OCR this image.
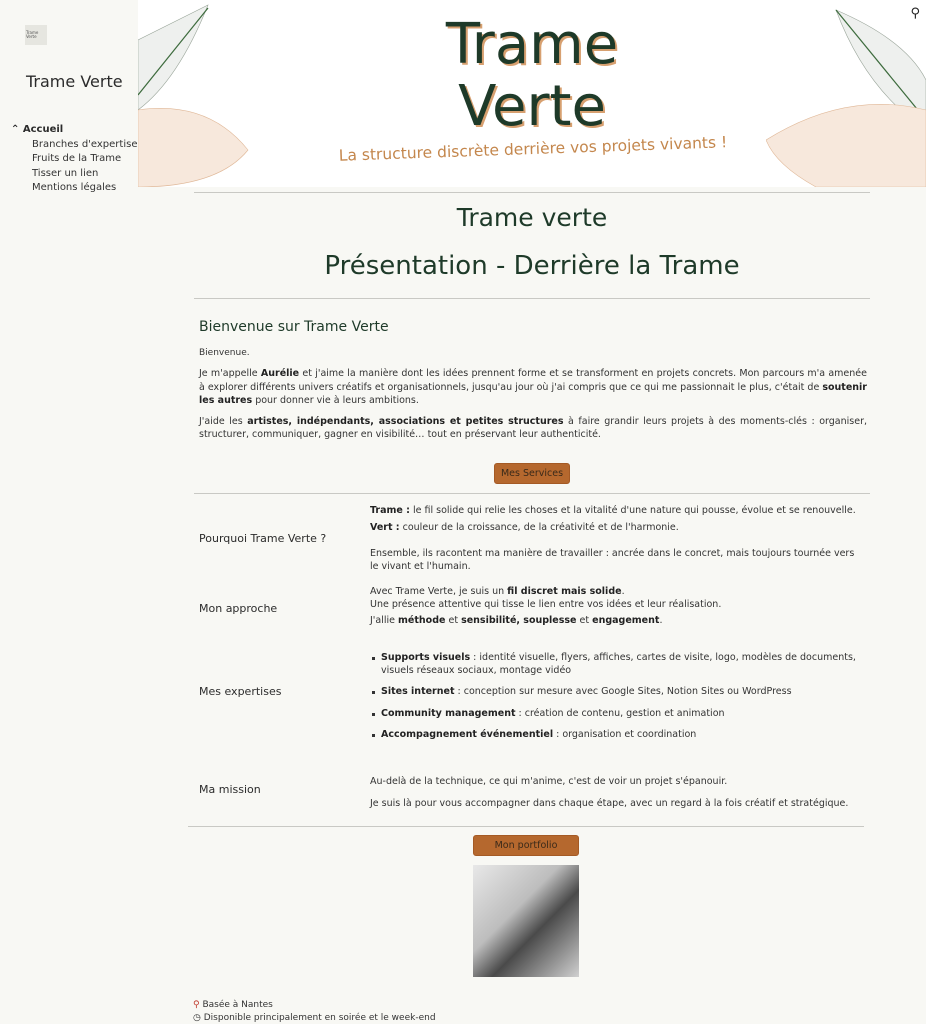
Trame Verte
Trame Verte
⌃ Accueil
Branches d'expertise
Fruits de la Trame
Tisser un lien
Mentions légales
Trame
Verte
La structure discrète derrière vos projets vivants !
⚲
Trame verte
Présentation - Derrière la Trame
Bienvenue sur Trame Verte

Bienvenue.

Je m'appelle Aurélie et j'aime la manière dont les idées prennent forme et se transforment en projets concrets. Mon parcours m'a amenée à explorer différents univers créatifs et organisationnels, jusqu'au jour où j'ai compris que ce qui me passionnait le plus, c'était de soutenir les autres pour donner vie à leurs ambitions.

J'aide les artistes, indépendants, associations et petites structures à faire grandir leurs projets à des moments-clés : organiser, structurer, communiquer, gagner en visibilité… tout en préservant leur authenticité.

Mes Services
Pourquoi Trame Verte ?

Trame : le fil solide qui relie les choses et la vitalité d'une nature qui pousse, évolue et se renouvelle.

Vert : couleur de la croissance, de la créativité et de l'harmonie.

Ensemble, ils racontent ma manière de travailler : ancrée dans le concret, mais toujours tournée vers le vivant et l'humain.

Mon approche
Avec Trame Verte, je suis un fil discret mais solide.

Une présence attentive qui tisse le lien entre vos idées et leur réalisation.

J'allie méthode et sensibilité, souplesse et engagement.
Mes expertises
Supports visuels : identité visuelle, flyers, affiches, cartes de visite, logo, modèles de documents, visuels réseaux sociaux, montage vidéo
Sites internet : conception sur mesure avec Google Sites, Notion Sites ou WordPress
Community management : création de contenu, gestion et animation
Accompagnement événementiel : organisation et coordination
Ma mission

Au-delà de la technique, ce qui m'anime, c'est de voir un projet s'épanouir.

Je suis là pour vous accompagner dans chaque étape, avec un regard à la fois créatif et stratégique.

Mon portfolio
⚲ Basée à Nantes
◷ Disponible principalement en soirée et le week-end
